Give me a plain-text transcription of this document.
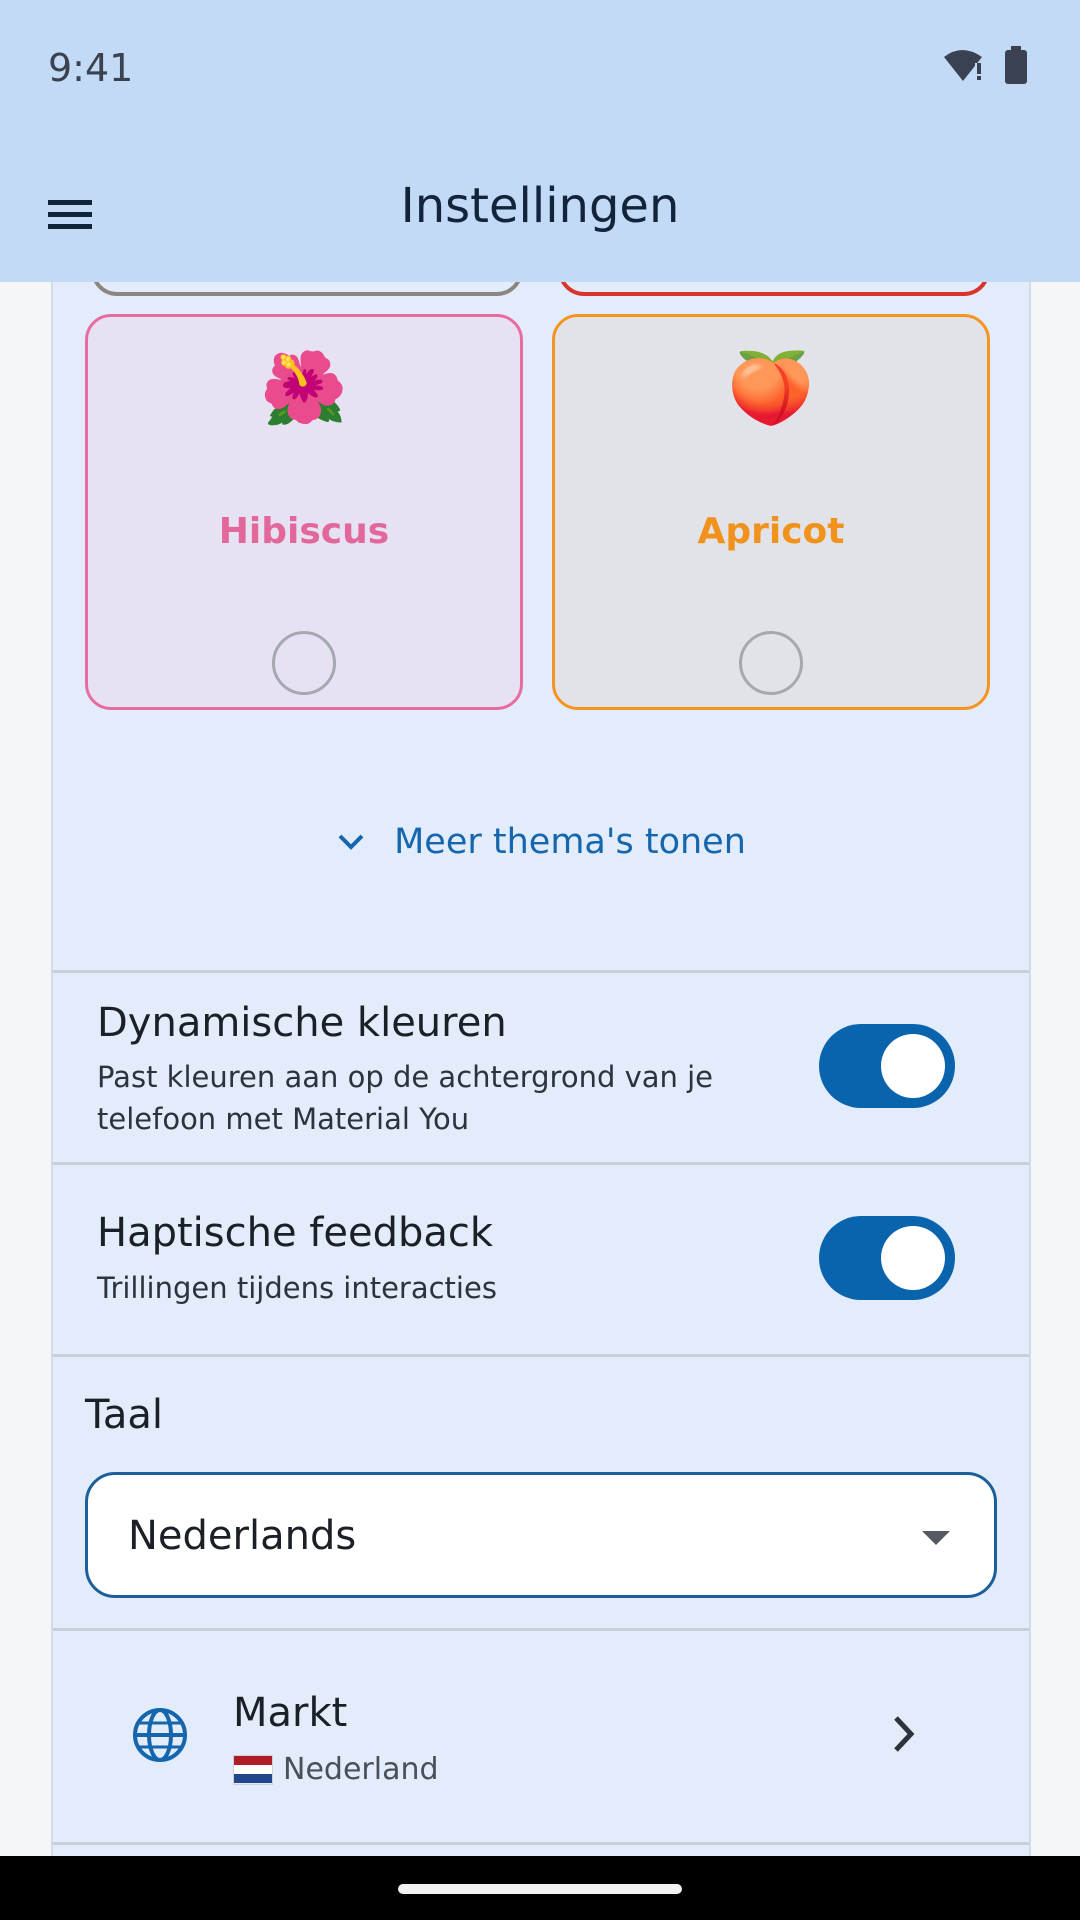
9:41
Instellingen
🌺
Hibiscus
🍑
Apricot
Meer thema's tonen
Dynamische kleuren
Past kleuren aan op de achtergrond van je telefoon met Material You
Haptische feedback
Trillingen tijdens interacties
Taal
Nederlands
Markt
Nederland
